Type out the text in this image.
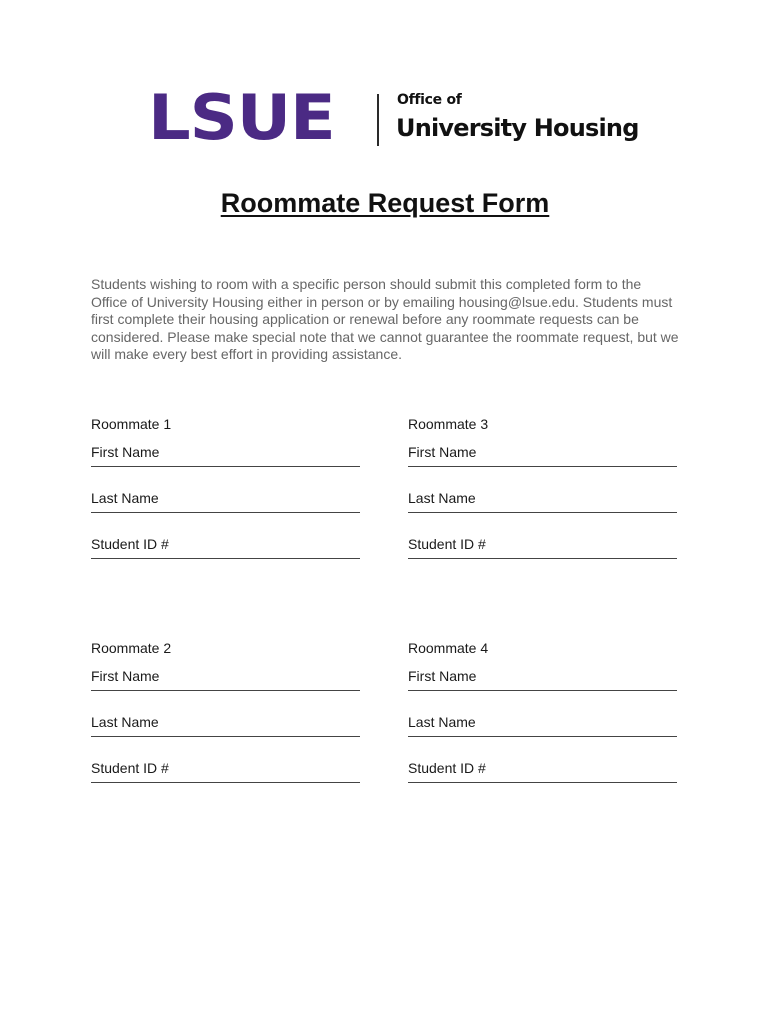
LSUE	Office of
University Housing
Roommate Request Form
Students wishing to room with a specific person should submit this completed form to the Office of University Housing either in person or by emailing housing@lsue.edu. Students must first complete their housing application or renewal before any roommate requests can be considered. Please make special note that we cannot guarantee the roommate request, but we will make every best effort in providing assistance.
Roommate 1
First Name
Last Name
Student ID #
Roommate 3
First Name
Last Name
Student ID #
Roommate 2
First Name
Last Name
Student ID #
Roommate 4
First Name
Last Name
Student ID #
